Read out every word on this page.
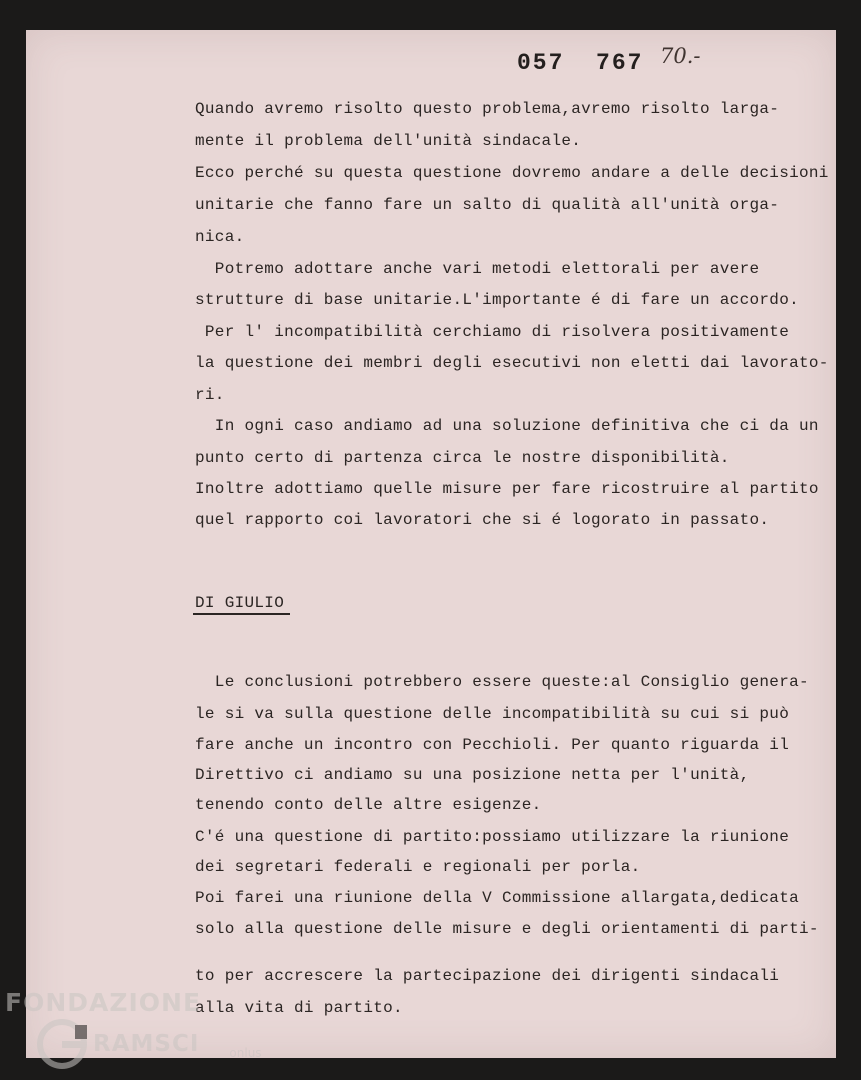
057  767 70.-
Quando avremo risolto questo problema,avremo risolto larga-
mente il problema dell'unità sindacale.
Ecco perché su questa questione dovremo andare a delle decisioni
unitarie che fanno fare un salto di qualità all'unità orga-
nica.
Potremo adottare anche vari metodi elettorali per avere
strutture di base unitarie.L'importante é di fare un accordo.
Per l' incompatibilità cerchiamo di risolvera positivamente
la questione dei membri degli esecutivi non eletti dai lavorato-
ri.
In ogni caso andiamo ad una soluzione definitiva che ci da un
punto certo di partenza circa le nostre disponibilità.
Inoltre adottiamo quelle misure per fare ricostruire al partito
quel rapporto coi lavoratori che si é logorato in passato.
DI GIULIO
Le conclusioni potrebbero essere queste:al Consiglio genera-
le si va sulla questione delle incompatibilità su cui si può
fare anche un incontro con Pecchioli. Per quanto riguarda il
Direttivo ci andiamo su una posizione netta per l'unità,
tenendo conto delle altre esigenze.
C'é una questione di partito:possiamo utilizzare la riunione
dei segretari federali e regionali per porla.
Poi farei una riunione della V Commissione allargata,dedicata
solo alla questione delle misure e degli orientamenti di parti-
to per accrescere la partecipazione dei dirigenti sindacali
alla vita di partito.
FONDAZIONE
RAMSCI	onlus
